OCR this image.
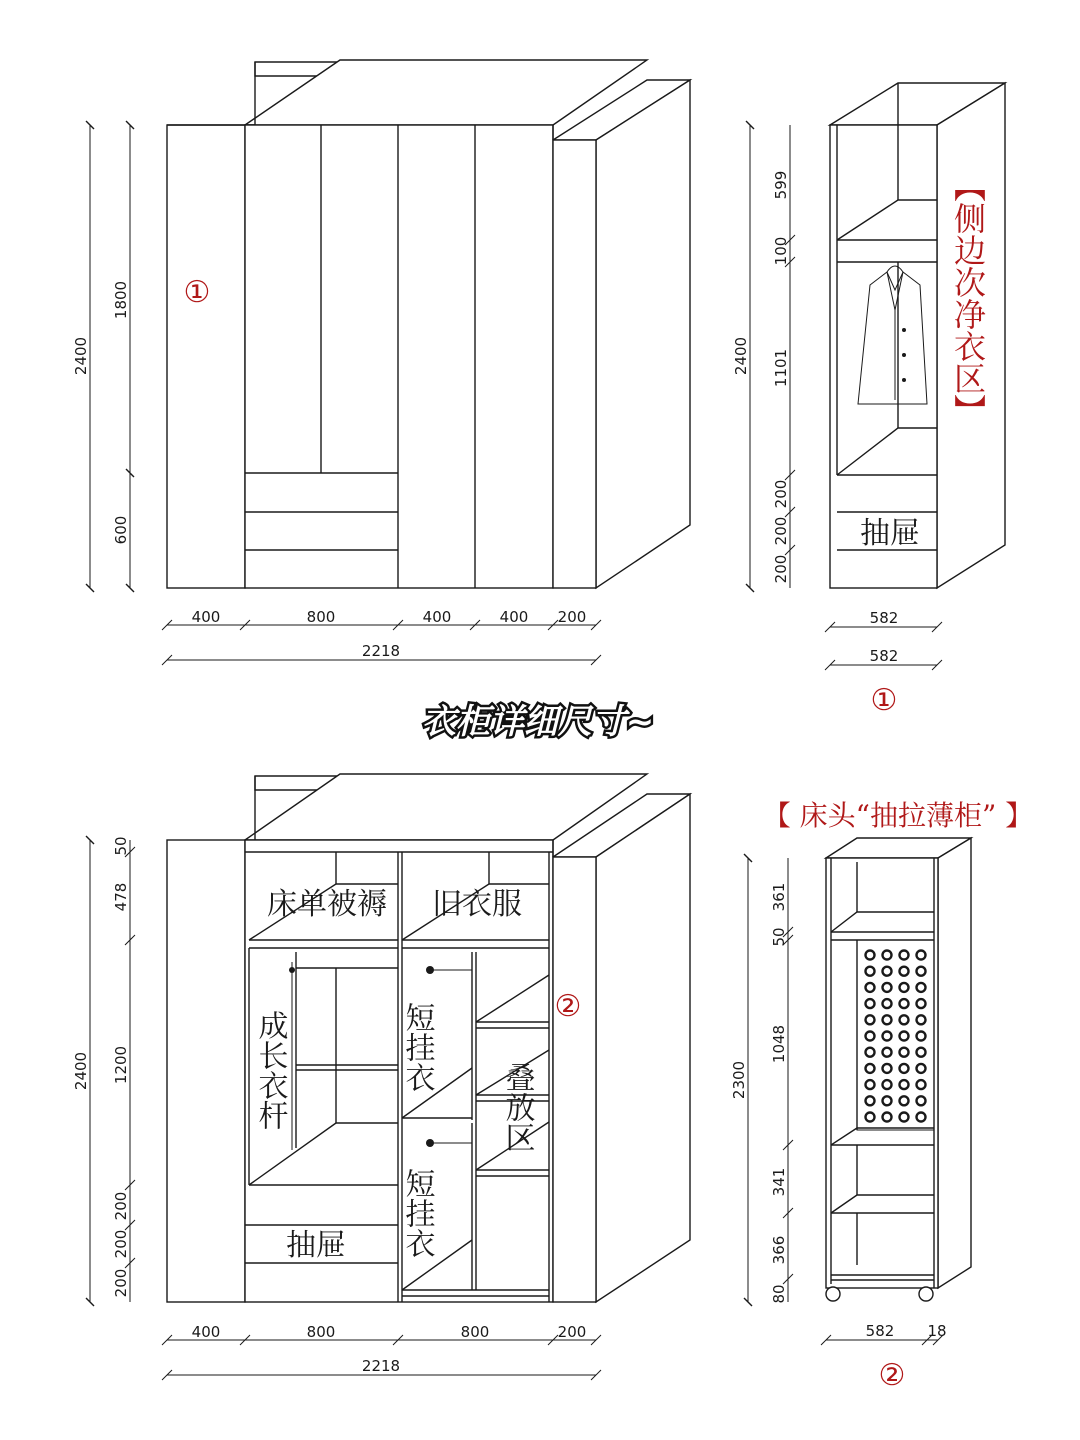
①
2400
1800
600
400	800	400	400 200
2218
抽屉
【侧边次净衣区】
2400
599
100
1101
200
200
200
582
582
①
衣柜详细尺寸~
床单被褥 旧衣服
成长衣杆	短挂衣
短挂衣
叠放区
抽屉
②
2400
50
478
1200
200
200
200
400	800	800	200
2218
【 床头“抽拉薄柜” 】
2300
361
50
1048
341
366
80
582 18
②
